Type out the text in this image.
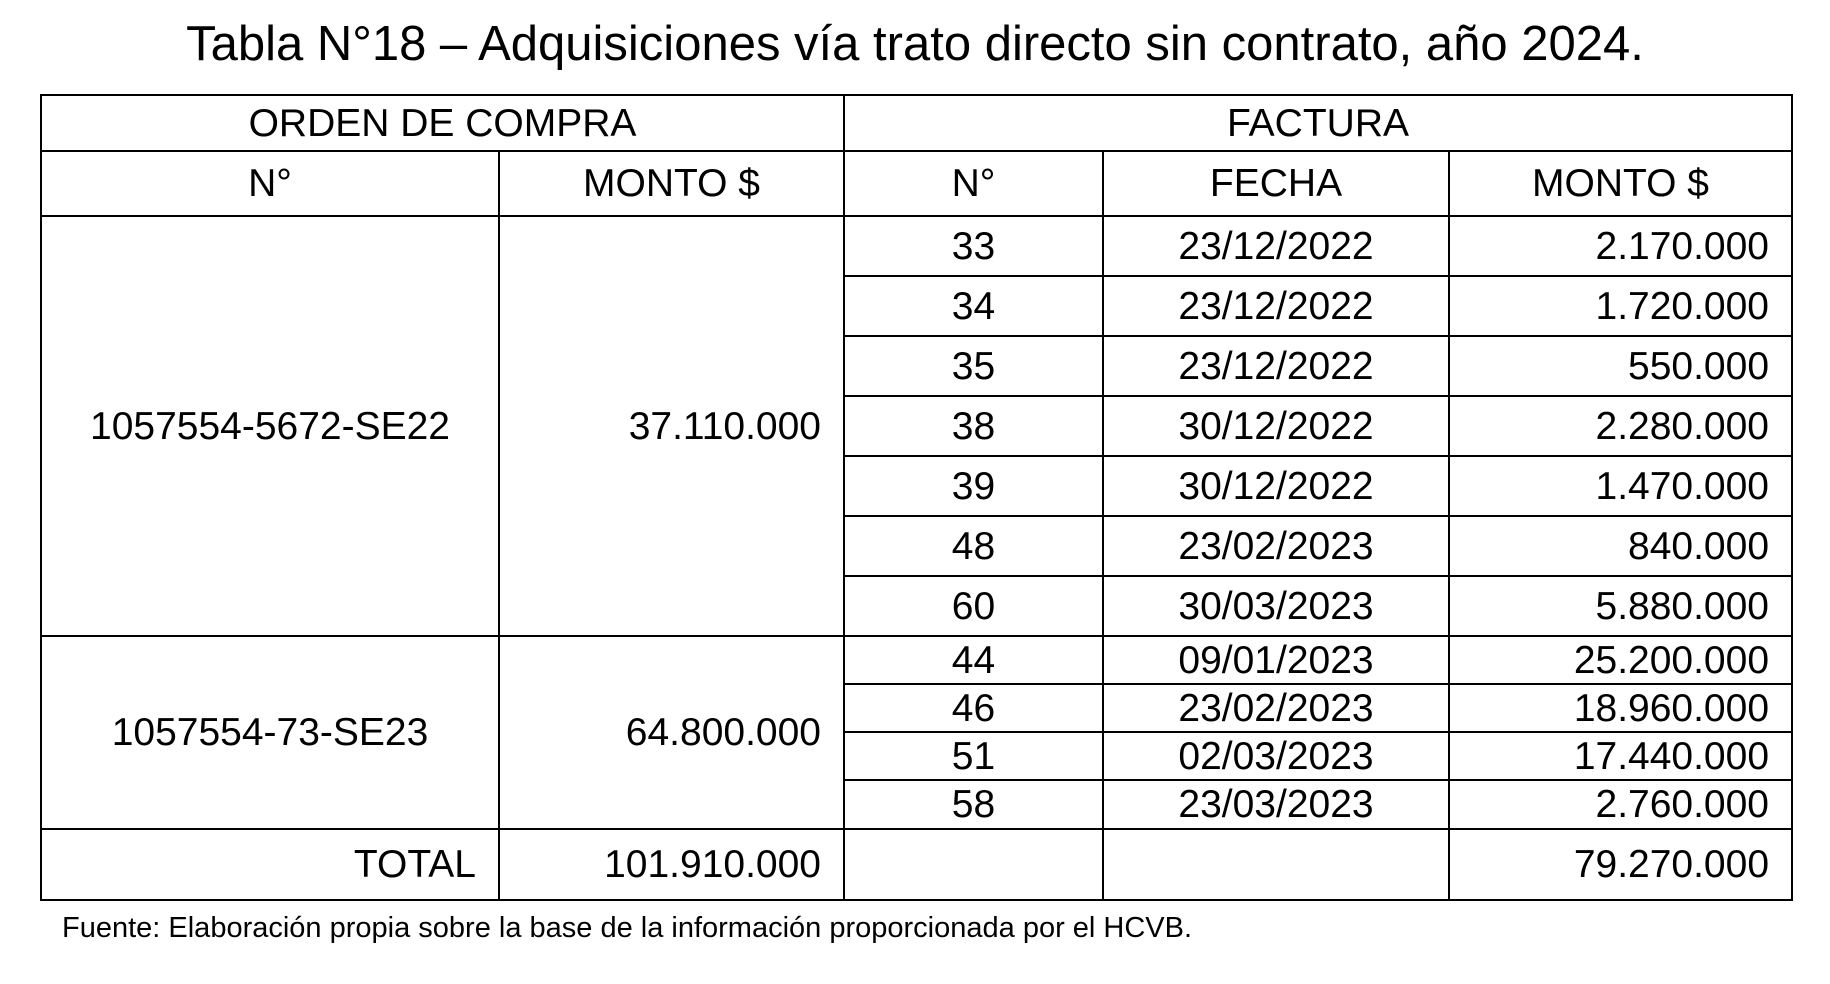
Tabla N°18 – Adquisiciones vía trato directo sin contrato, año 2024.
ORDEN DE COMPRA		FACTURA		
N°	MONTO $	N°	FECHA	MONTO $
1057554-5672-SE22	37.110.000	33	23/12/2022	2.170.000
		34	23/12/2022	1.720.000
		35	23/12/2022	550.000
		38	30/12/2022	2.280.000
		39	30/12/2022	1.470.000
		48	23/02/2023	840.000
		60	30/03/2023	5.880.000
1057554-73-SE23	64.800.000	44	09/01/2023	25.200.000
		46	23/02/2023	18.960.000
		51	02/03/2023	17.440.000
		58	23/03/2023	2.760.000
TOTAL	101.910.000			79.270.000
Fuente: Elaboración propia sobre la base de la información proporcionada por el HCVB.
